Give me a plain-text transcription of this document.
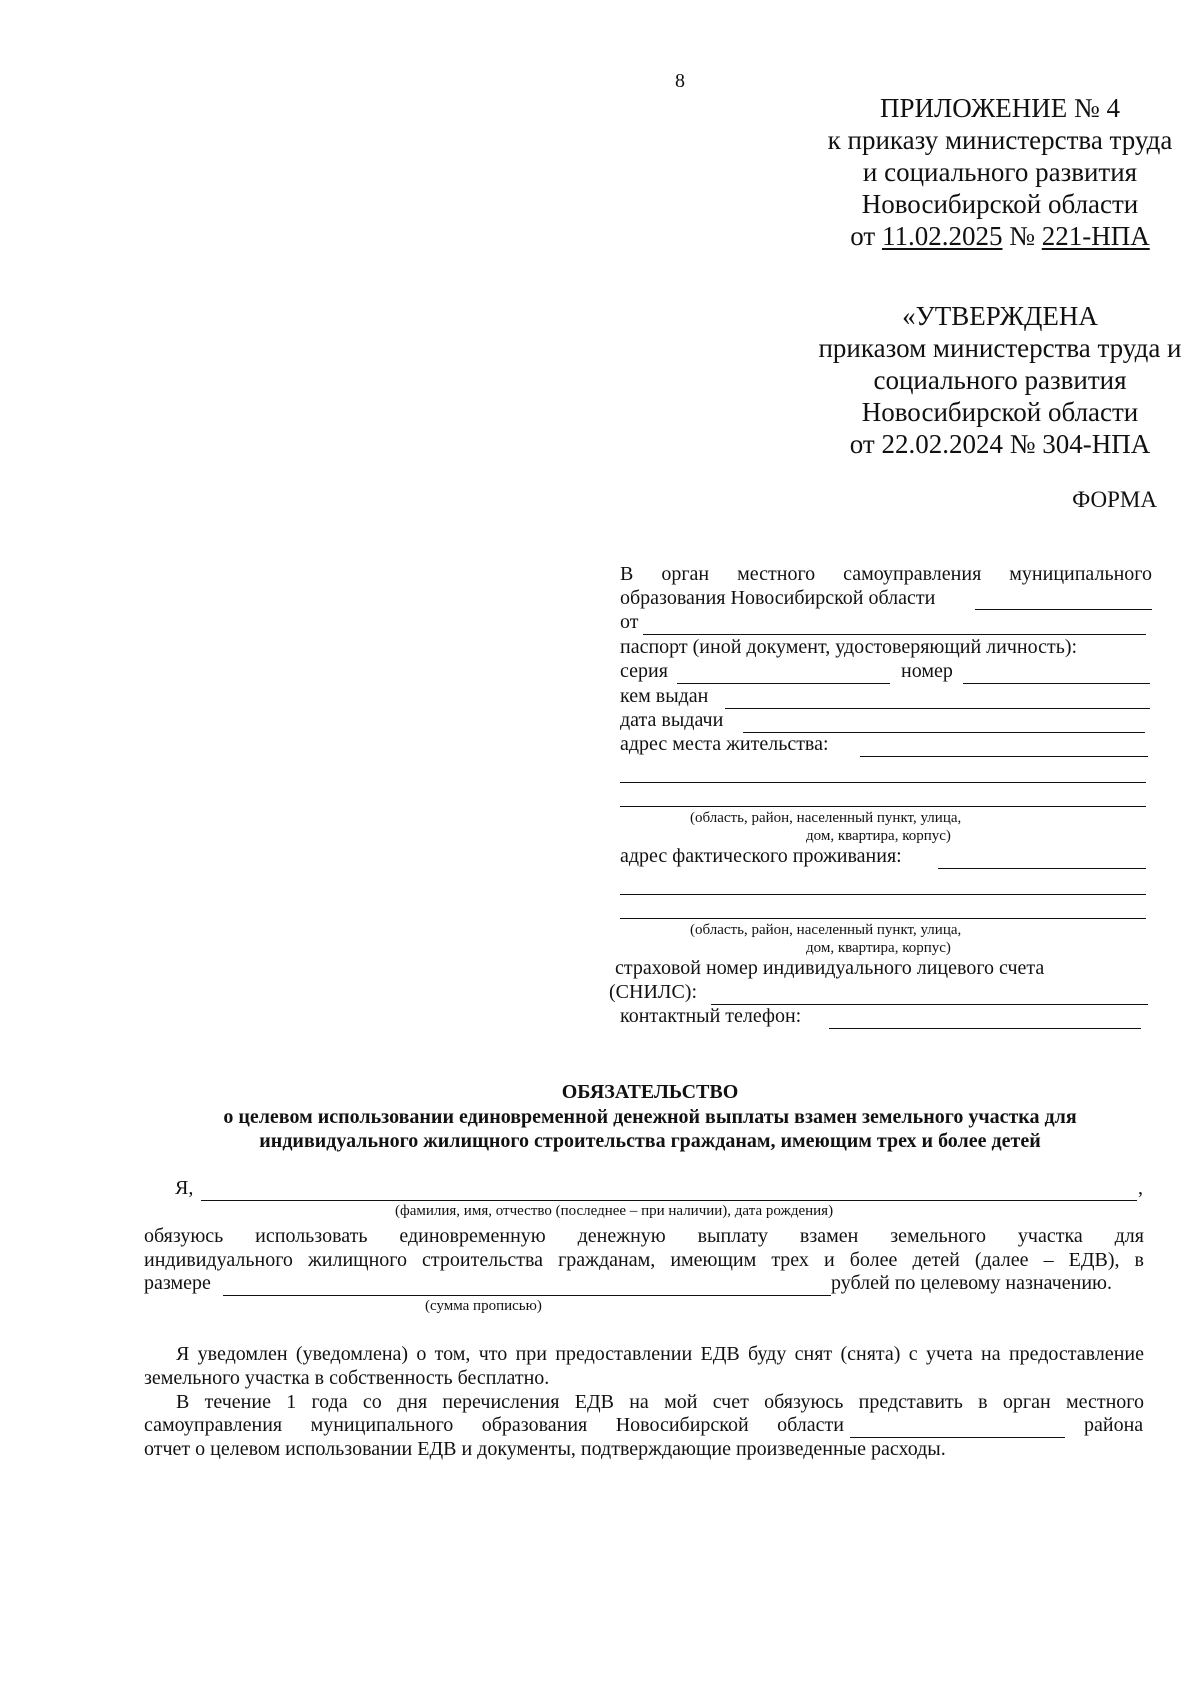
8
ПРИЛОЖЕНИЕ № 4
к приказу министерства труда
и социального развития
Новосибирской области
от 11.02.2025 № 221-НПА
«УТВЕРЖДЕНА
приказом министерства труда и
социального развития
Новосибирской области
от 22.02.2024 № 304-НПА
ФОРМА
В орган местного самоуправления муниципального
образования Новосибирской области
от
паспорт (иной документ, удостоверяющий личность):
серия	номер
кем выдан
дата выдачи
адрес места жительства:
(область, район, населенный пункт, улица,
дом, квартира, корпус)
адрес фактического проживания:
(область, район, населенный пункт, улица,
дом, квартира, корпус)
страховой номер индивидуального лицевого счета
(СНИЛС):
контактный телефон:
ОБЯЗАТЕЛЬСТВО
о целевом использовании единовременной денежной выплаты взамен земельного участка для
индивидуального жилищного строительства гражданам, имеющим трех и более детей
Я,	,
(фамилия, имя, отчество (последнее – при наличии), дата рождения)
обязуюсь использовать единовременную денежную выплату взамен земельного участка для
индивидуального жилищного строительства гражданам, имеющим трех и более детей (далее – ЕДВ), в
размере	рублей по целевому назначению.
(сумма прописью)
Я уведомлен (уведомлена) о том, что при предоставлении ЕДВ буду снят (снята) с учета на предоставление земельного участка в собственность бесплатно.
В течение 1 года со дня перечисления ЕДВ на мой счет обязуюсь представить в орган местного
самоуправления муниципального образования Новосибирской области	района
отчет о целевом использовании ЕДВ и документы, подтверждающие произведенные расходы.
